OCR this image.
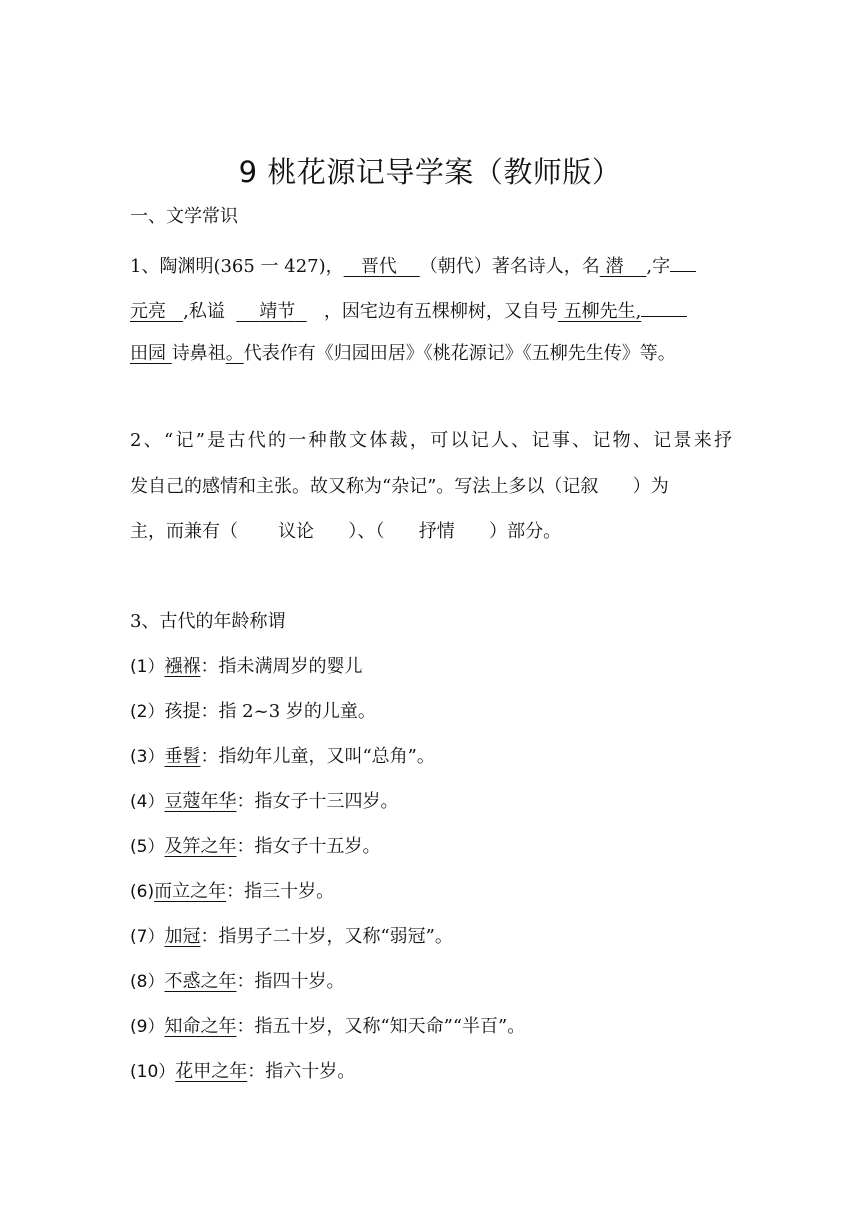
9 桃花源记导学案（教师版）
一、文学常识
1、陶渊明(365 一 427)， 晋代 （朝代）著名诗人，名 潜 ,字
元亮 ,私谥 靖节 ，因宅边有五棵柳树，又自号 五柳先生,
田园 诗鼻祖。代表作有《归园田居》《桃花源记》《五柳先生传》等。
2、“记”是古代的一种散文体裁，可以记人、记事、记物、记景来抒
发自己的感情和主张。故又称为“杂记”。写法上多以（记叙 ）为
主，而兼有（ 议论 ）、（ 抒情 ）部分。
3、古代的年龄称谓
(1）襁褓：指未满周岁的婴儿
(2）孩提：指 2~3 岁的儿童。
(3）垂髫：指幼年儿童，又叫“总角”。
(4）豆蔻年华：指女子十三四岁。
(5）及笄之年：指女子十五岁。
(6)而立之年：指三十岁。
(7）加冠：指男子二十岁，又称“弱冠”。
(8）不惑之年：指四十岁。
(9）知命之年：指五十岁，又称“知天命”“半百”。
(10）花甲之年：指六十岁。
